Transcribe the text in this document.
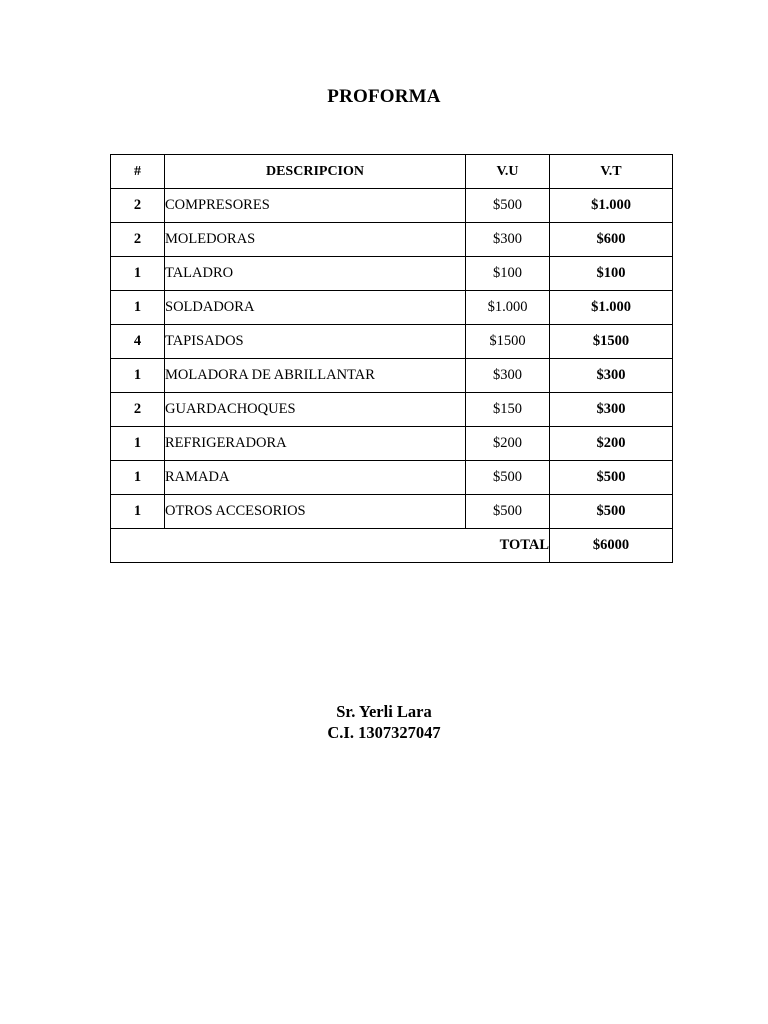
PROFORMA
#	DESCRIPCION	V.U	V.T
2	COMPRESORES	$500	$1.000
2	MOLEDORAS	$300	$600
1	TALADRO	$100	$100
1	SOLDADORA	$1.000	$1.000
4	TAPISADOS	$1500	$1500
1	MOLADORA DE ABRILLANTAR	$300	$300
2	GUARDACHOQUES	$150	$300
1	REFRIGERADORA	$200	$200
1	RAMADA	$500	$500
1	OTROS ACCESORIOS	$500	$500
TOTAL			$6000
Sr. Yerli Lara
C.I. 1307327047
